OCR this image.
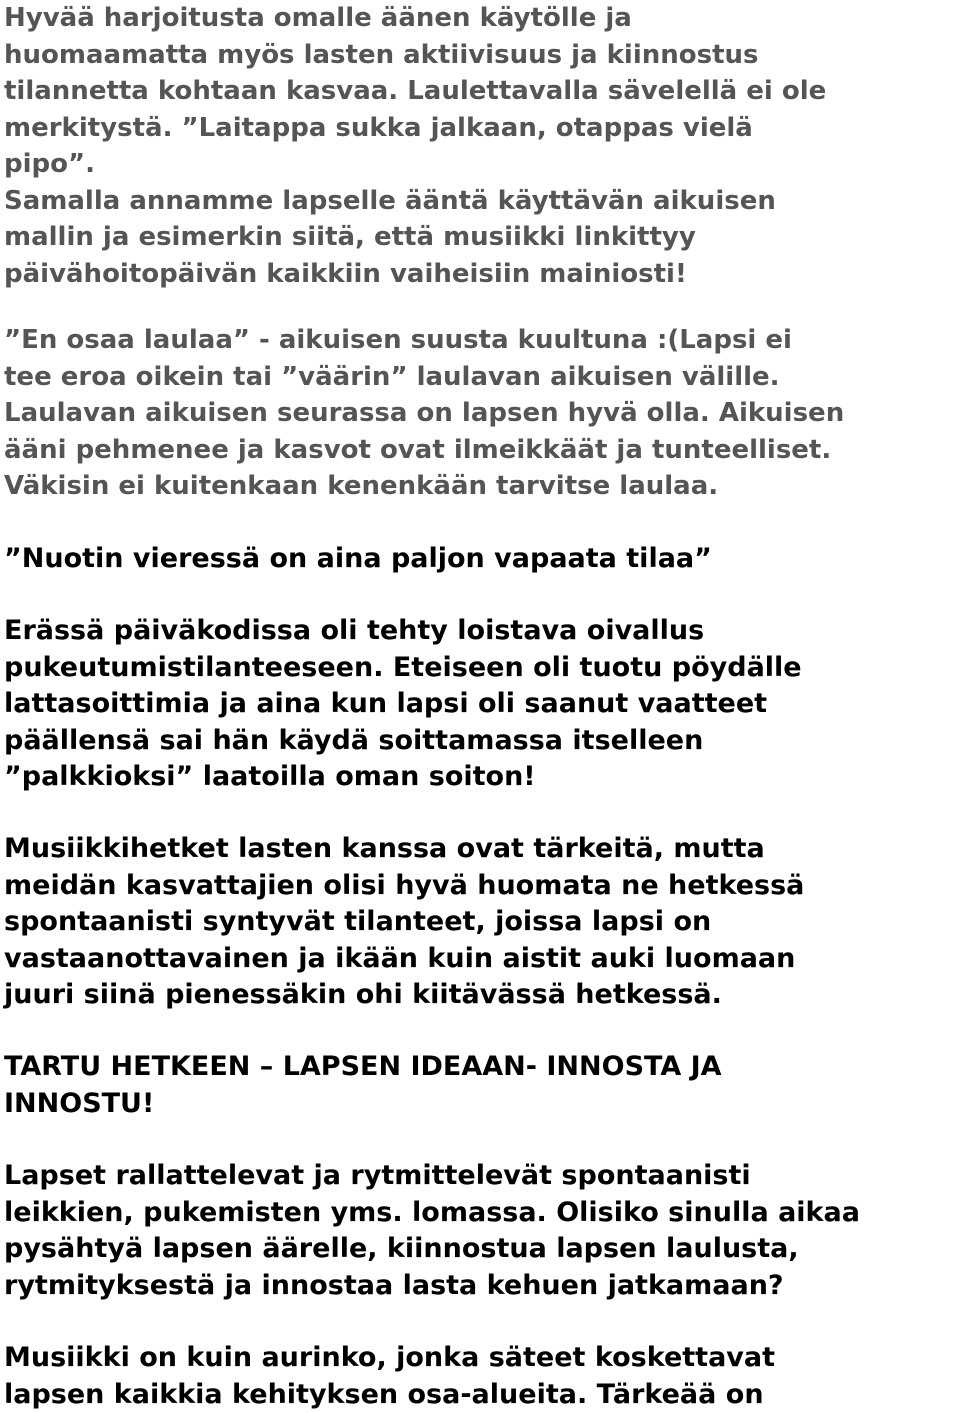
Hyvää harjoitusta omalle äänen käytölle ja
huomaamatta myös lasten aktiivisuus ja kiinnostus
tilannetta kohtaan kasvaa. Laulettavalla sävelellä ei ole
merkitystä. ”Laitappa sukka jalkaan, otappas vielä
pipo”.
Samalla annamme lapselle ääntä käyttävän aikuisen
mallin ja esimerkin siitä, että musiikki linkittyy
päivähoitopäivän kaikkiin vaiheisiin mainiosti!
”En osaa laulaa” - aikuisen suusta kuultuna :(Lapsi ei
tee eroa oikein tai ”väärin” laulavan aikuisen välille.
Laulavan aikuisen seurassa on lapsen hyvä olla. Aikuisen
ääni pehmenee ja kasvot ovat ilmeikkäät ja tunteelliset.
Väkisin ei kuitenkaan kenenkään tarvitse laulaa.
”Nuotin vieressä on aina paljon vapaata tilaa”
Erässä päiväkodissa oli tehty loistava oivallus
pukeutumistilanteeseen. Eteiseen oli tuotu pöydälle
lattasoittimia ja aina kun lapsi oli saanut vaatteet
päällensä sai hän käydä soittamassa itselleen
”palkkioksi” laatoilla oman soiton!
Musiikkihetket lasten kanssa ovat tärkeitä, mutta
meidän kasvattajien olisi hyvä huomata ne hetkessä
spontaanisti syntyvät tilanteet, joissa lapsi on
vastaanottavainen ja ikään kuin aistit auki luomaan
juuri siinä pienessäkin ohi kiitävässä hetkessä.
TARTU HETKEEN – LAPSEN IDEAAN- INNOSTA JA
INNOSTU!
Lapset rallattelevat ja rytmittelevät spontaanisti
leikkien, pukemisten yms. lomassa. Olisiko sinulla aikaa
pysähtyä lapsen äärelle, kiinnostua lapsen laulusta,
rytmityksestä ja innostaa lasta kehuen jatkamaan?
Musiikki on kuin aurinko, jonka säteet koskettavat
lapsen kaikkia kehityksen osa-alueita. Tärkeää on
